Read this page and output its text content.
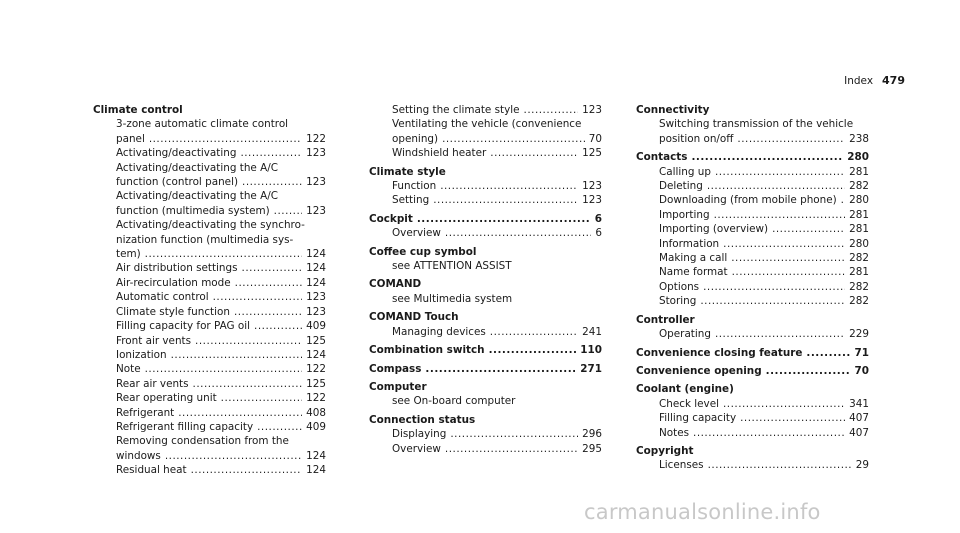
Index 479
Climate control
3-zone automatic climate control
panel .....	122
Activating/deactivating .....	123
Activating/deactivating the A/C
function (control panel) .....	123
Activating/deactivating the A/C
function (multimedia system) .....	123
Activating/deactivating the synchro-
nization function (multimedia sys-
tem) .....	124
Air distribution settings .....	124
Air-recirculation mode .....	124
Automatic control .....	123
Climate style function .....	123
Filling capacity for PAG oil .....	409
Front air vents .....	125
Ionization .....	124
Note .....	122
Rear air vents .....	125
Rear operating unit .....	122
Refrigerant .....	408
Refrigerant filling capacity .....	409
Removing condensation from the
windows .....	124
Residual heat .....	124
Setting the climate style .....	123
Ventilating the vehicle (convenience
opening) .....	70
Windshield heater .....	125
Climate style
Function .....	123
Setting .....	123
Cockpit .....	6
Overview .....	6
Coffee cup symbol
see ATTENTION ASSIST
COMAND
see Multimedia system
COMAND Touch
Managing devices .....	241
Combination switch .....	110
Compass .....	271
Computer
see On-board computer
Connection status
Displaying .....	296
Overview .....	295
Connectivity
Switching transmission of the vehicle
position on/off .....	238
Contacts .....	280
Calling up .....	281
Deleting .....	282
Downloading (from mobile phone) ..... 280
Importing .....	281
Importing (overview) .....	281
Information .....	280
Making a call .....	282
Name format .....	281
Options .....	282
Storing .....	282
Controller
Operating .....	229
Convenience closing feature .....	71
Convenience opening .....	70
Coolant (engine)
Check level .....	341
Filling capacity .....	407
Notes .....	407
Copyright
Licenses .....	29
carmanualsonline.info
